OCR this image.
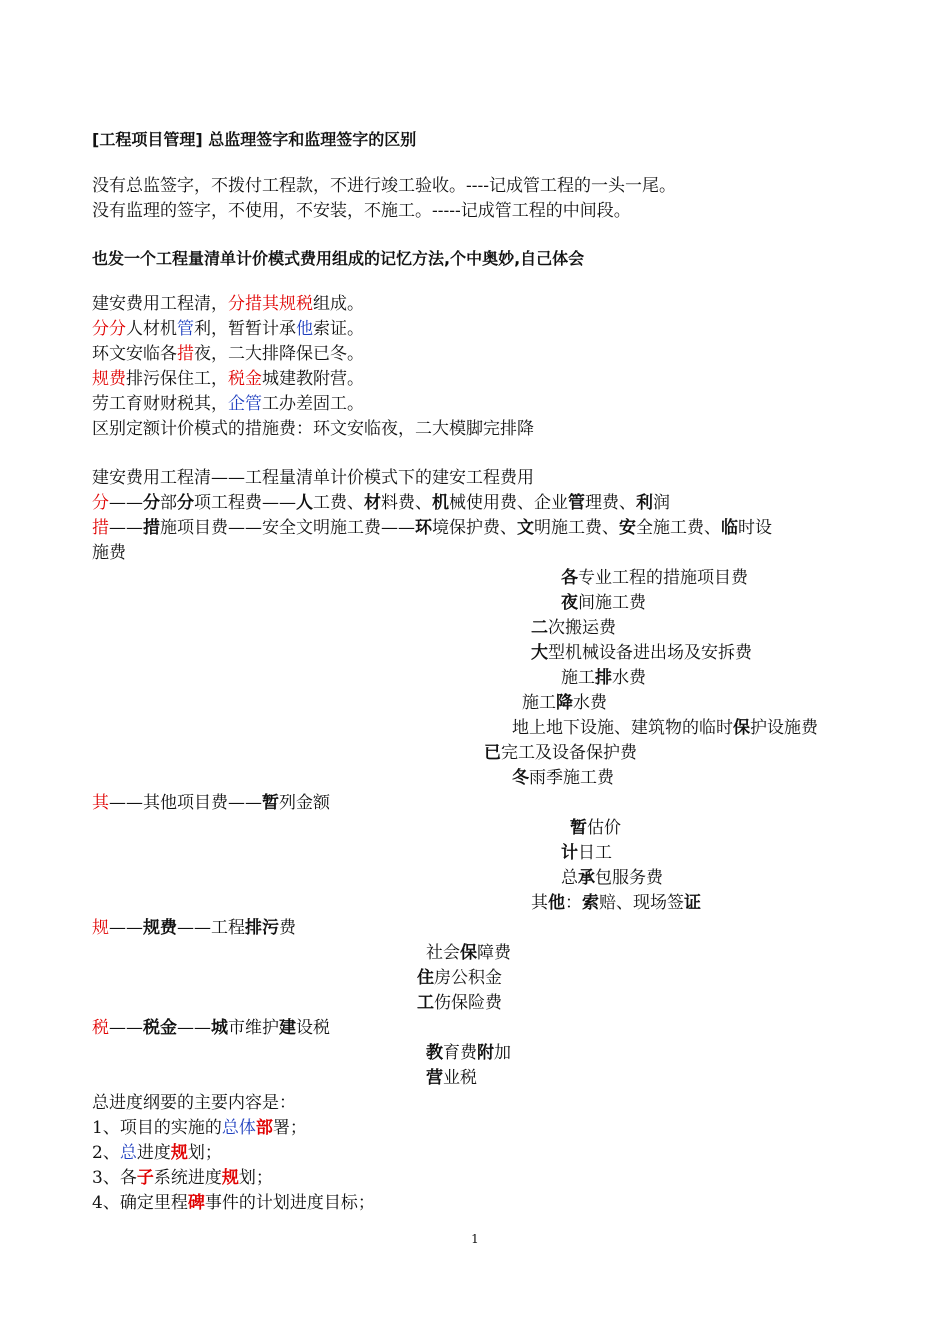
[工程项目管理] 总监理签字和监理签字的区别
没有总监签字，不拨付工程款，不进行竣工验收。----记成管工程的一头一尾。
没有监理的签字，不使用，不安装，不施工。-----记成管工程的中间段。
也发一个工程量清单计价模式费用组成的记忆方法,个中奥妙,自己体会
建安费用工程清，分措其规税组成。
分分人材机管利，暂暂计承他索证。
环文安临各措夜，二大排降保已冬。
规费排污保住工，税金城建教附营。
劳工育财财税其，企管工办差固工。
区别定额计价模式的措施费：环文安临夜，二大模脚完排降
建安费用工程清——工程量清单计价模式下的建安工程费用
分——分部分项工程费——人工费、材料费、机械使用费、企业管理费、利润
措——措施项目费——安全文明施工费——环境保护费、文明施工费、安全施工费、临时设
施费
各专业工程的措施项目费
夜间施工费
二次搬运费
大型机械设备进出场及安拆费
施工排水费
施工降水费
地上地下设施、建筑物的临时保护设施费
已完工及设备保护费
冬雨季施工费
其——其他项目费——暂列金额
暂估价
计日工
总承包服务费
其他：索赔、现场签证
规——规费——工程排污费
社会保障费
住房公积金
工伤保险费
税——税金——城市维护建设税
教育费附加
营业税
总进度纲要的主要内容是：
1、项目的实施的总体部署；
2、总进度规划；
3、各子系统进度规划；
4、确定里程碑事件的计划进度目标；
1
